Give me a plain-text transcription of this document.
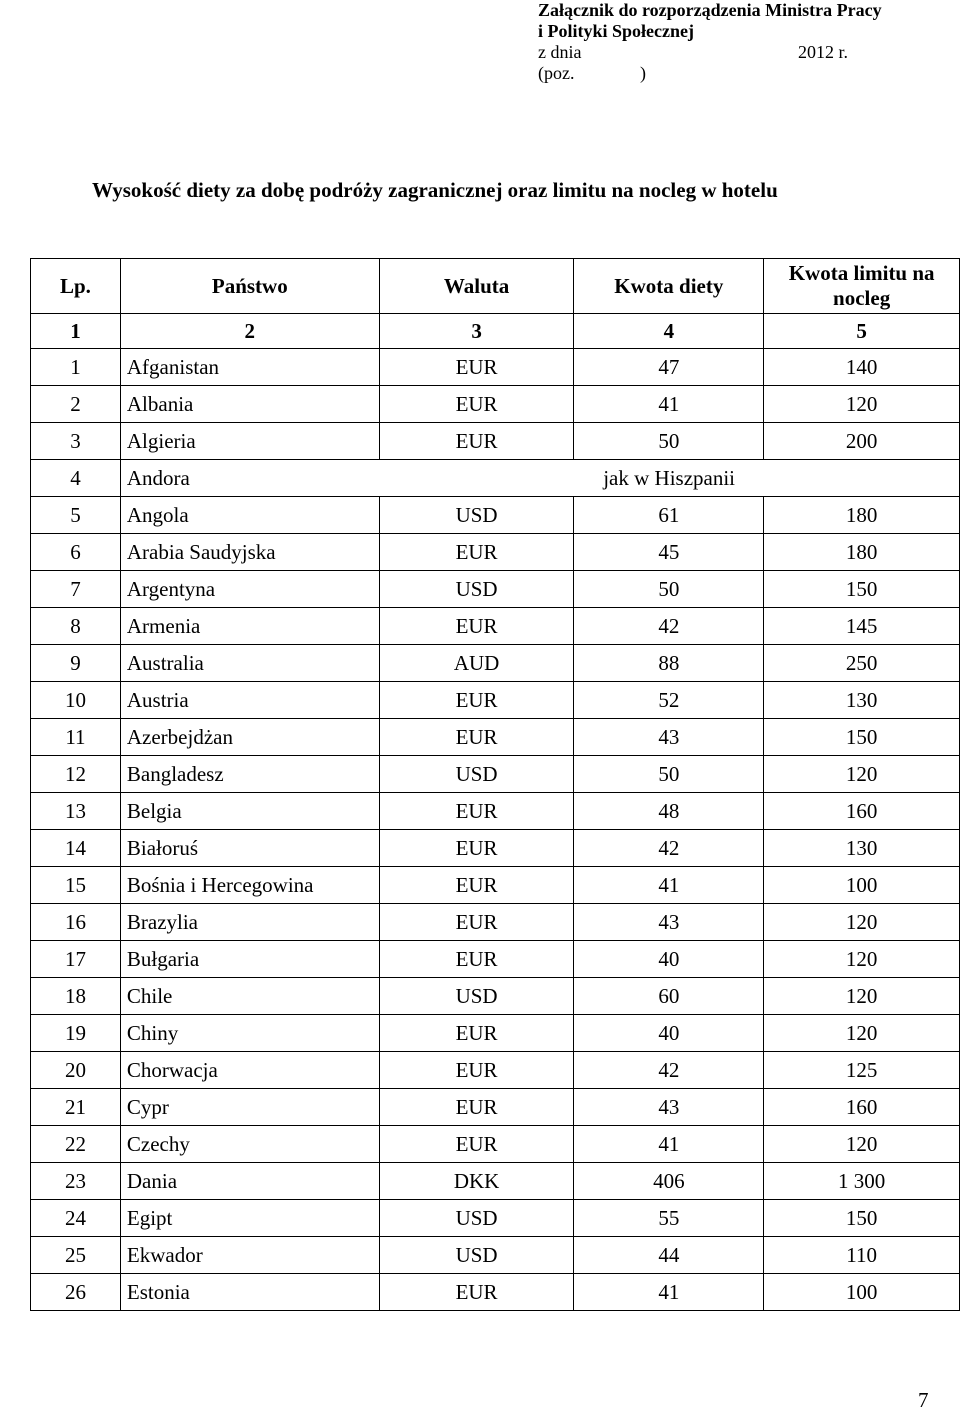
Załącznik do rozporządzenia Ministra Pracy
i Polityki Społecznej
z dnia	2012 r.
(poz.	)
Wysokość diety za dobę podróży zagranicznej oraz limitu na nocleg w hotelu
Lp.	Państwo	Waluta	Kwota diety	Kwota limitu na nocleg
1	2	3	4	5
1	Afganistan	EUR	47	140
2	Albania	EUR	41	120
3	Algieria	EUR	50	200
4	Andora	jak w Hiszpanii		
5	Angola	USD	61	180
6	Arabia Saudyjska	EUR	45	180
7	Argentyna	USD	50	150
8	Armenia	EUR	42	145
9	Australia	AUD	88	250
10	Austria	EUR	52	130
11	Azerbejdżan	EUR	43	150
12	Bangladesz	USD	50	120
13	Belgia	EUR	48	160
14	Białoruś	EUR	42	130
15	Bośnia i Hercegowina	EUR	41	100
16	Brazylia	EUR	43	120
17	Bułgaria	EUR	40	120
18	Chile	USD	60	120
19	Chiny	EUR	40	120
20	Chorwacja	EUR	42	125
21	Cypr	EUR	43	160
22	Czechy	EUR	41	120
23	Dania	DKK	406	1 300
24	Egipt	USD	55	150
25	Ekwador	USD	44	110
26	Estonia	EUR	41	100
7
